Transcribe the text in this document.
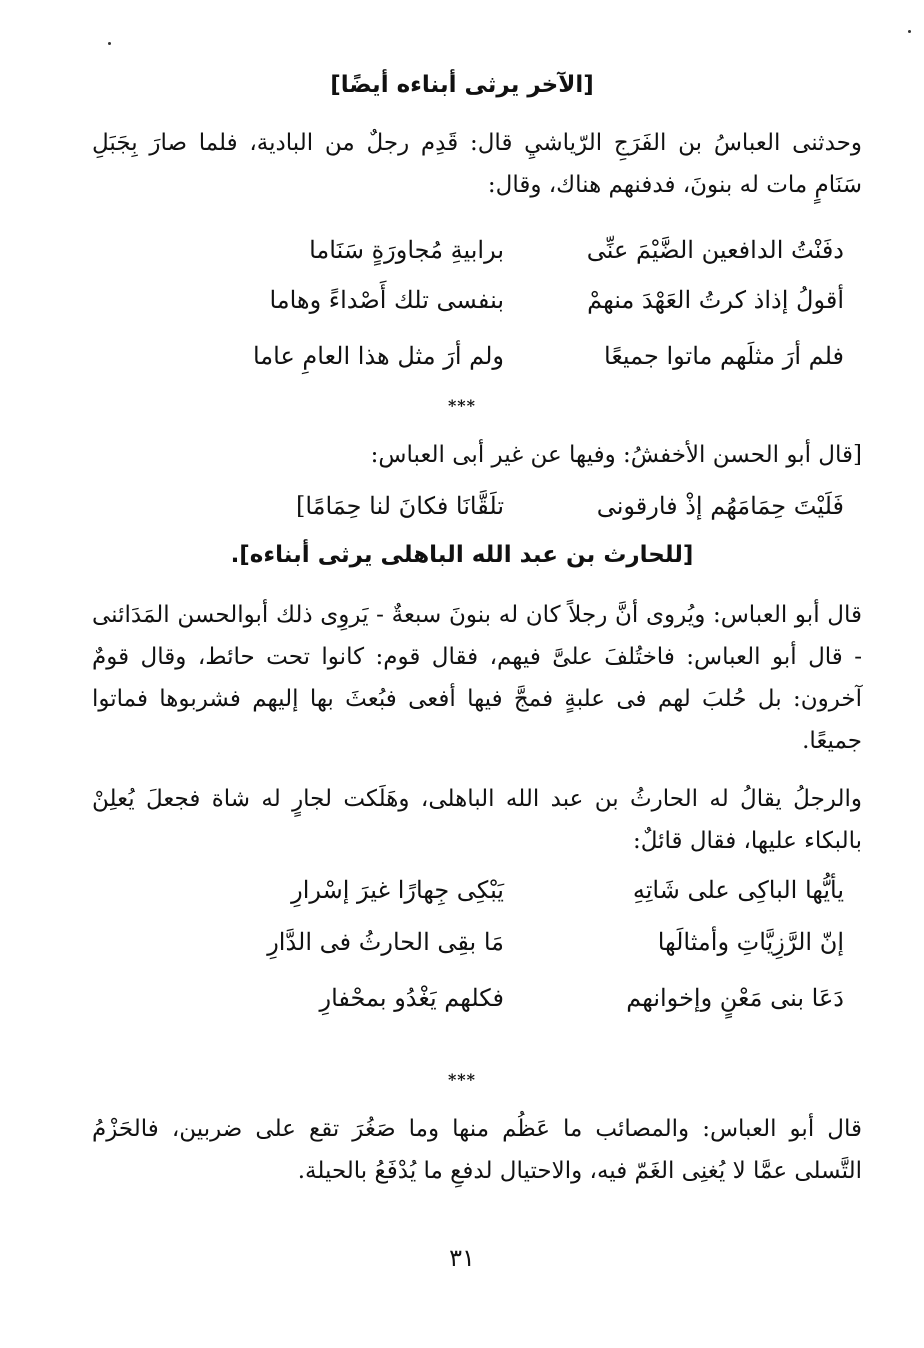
[الآخر يرثى أبناءه أيضًا]
وحدثنى العباسُ بن الفَرَجِ الرّياشيِ قال: قَدِم رجلٌ من البادية، فلما صارَ بِجَبَلِ سَنَامٍ مات له بنونَ، فدفنهم هناك، وقال:
دفَنْتُ الدافعين الضَّيْمَ عنِّى
برابيةِ مُجاورَةٍ سَنَاما
أقولُ إذاذ كرتُ العَهْدَ منهمْ
بنفسى تلك أَصْداءً وهاما
فلم أرَ مثلَهم ماتوا جميعًا
ولم أرَ مثل هذا العامِ عاما
***
[قال أبو الحسن الأخفشُ: وفيها عن غير أبى العباس:
فَلَيْتَ حِمَامَهُم إذْ فارقونى
تلَقَّانَا فكانَ لنا حِمَامًا]
[للحارث بن عبد الله الباهلى يرثى أبناءه].
قال أبو العباس: ويُروى أنَّ رجلاً كان له بنونَ سبعةٌ - يَروِى ذلك أبوالحسن المَدَائنى - قال أبو العباس: فاختُلفَ علىَّ فيهم، فقال قوم: كانوا تحت حائط، وقال قومٌ آخرون: بل حُلبَ لهم فى علبةٍ فمجَّ فيها أفعى فبُعثَ بها إليهم فشربوها فماتوا جميعًا.
والرجلُ يقالُ له الحارثُ بن عبد الله الباهلى، وهَلَكت لجارٍ له شاة فجعلَ يُعلِنْ بالبكاء عليها، فقال قائلٌ:
يأيُّها الباكِى على شَاتِهِ
يَبْكِى جِهارًا غيرَ إسْرارِ
إنّ الرَّزِيَّاتِ وأمثالَها
مَا بقِى الحارثُ فى الدَّارِ
دَعَا بنى مَعْنٍ وإخوانهم
فكلهم يَغْدُو بمحْفارِ
***
قال أبو العباس: والمصائب ما عَظُم منها وما صَغُرَ تقع على ضربين، فالحَزْمُ التَّسلى عمَّا لا يُغنِى الغَمّ فيه، والاحتيال لدفعِ ما يُدْفَعُ بالحيلة.
٣١
